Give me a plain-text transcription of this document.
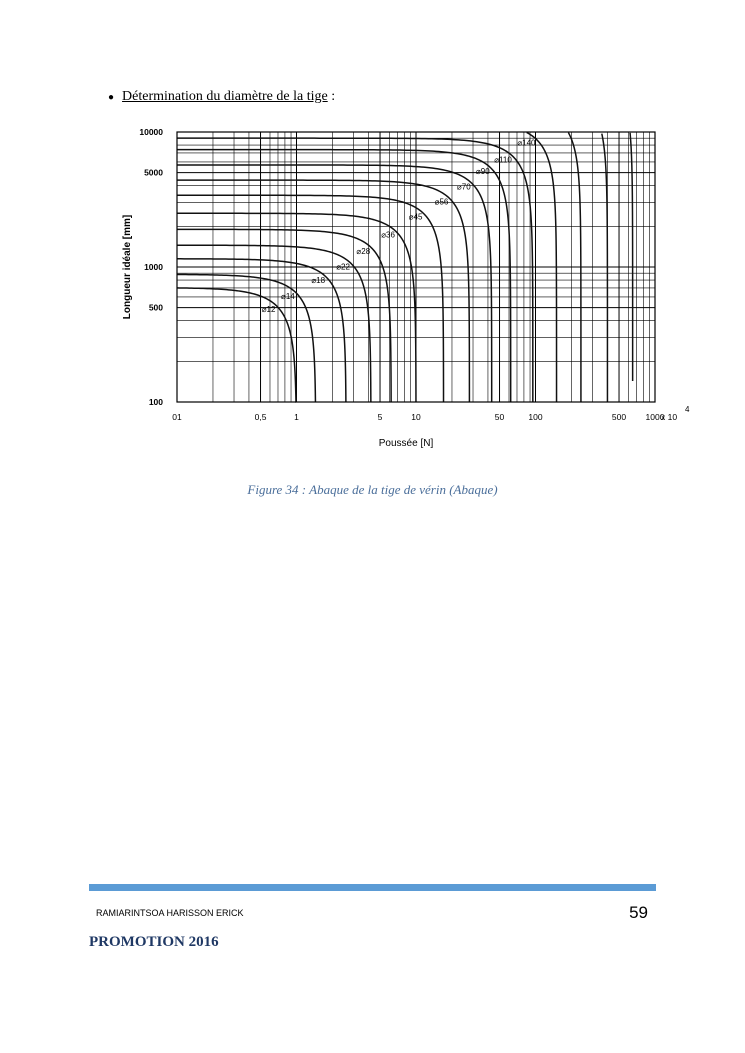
● Détermination du diamètre de la tige :
⌀12
⌀14
⌀18
⌀22
⌀28
⌀36
⌀45
⌀56
⌀70
⌀90
⌀110
⌀140
01	0,5	1	5	10	50	100	500 1000
x 10
4
100
500
1000
5000
10000
Poussée [N]
Longueur idéale [mm]
Figure 34 : Abaque de la tige de vérin (Abaque)
RAMIARINTSOA HARISSON ERICK	59
PROMOTION 2016
